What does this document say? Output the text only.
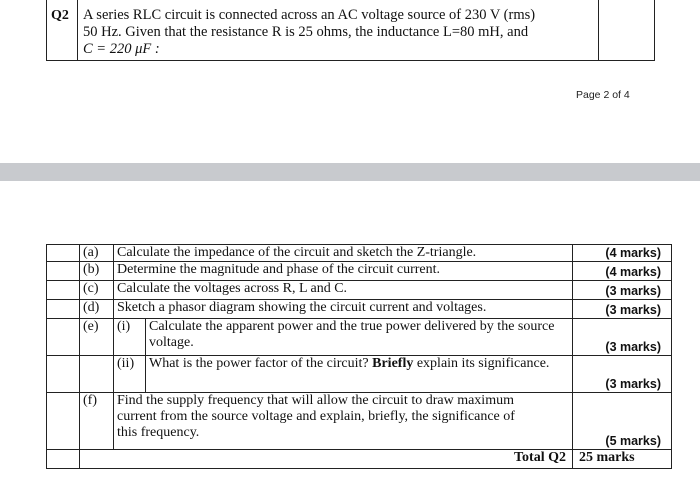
Q2 A series RLC circuit is connected across an AC voltage source of 230 V (rms)
50 Hz. Given that the resistance R is 25 ohms, the inductance L=80 mH, and
C = 220 μF :
Page 2 of 4
	(a)	Calculate the impedance of the circuit and sketch the Z-triangle.		(4 marks)
	(b)	Determine the magnitude and phase of the circuit current.		(4 marks)
	(c)	Calculate the voltages across R, L and C.		(3 marks)
	(d)	Sketch a phasor diagram showing the circuit current and voltages.		(3 marks)
	(e)	(i)	Calculate the apparent power and the true power delivered by the source voltage.	(3 marks)
		(ii)	What is the power factor of the circuit? Briefly explain its significance.	(3 marks)
	(f)	Find the supply frequency that will allow the circuit to draw maximum current from the source voltage and explain, briefly, the significance of this frequency.		(5 marks)
	Total Q2			25 marks
